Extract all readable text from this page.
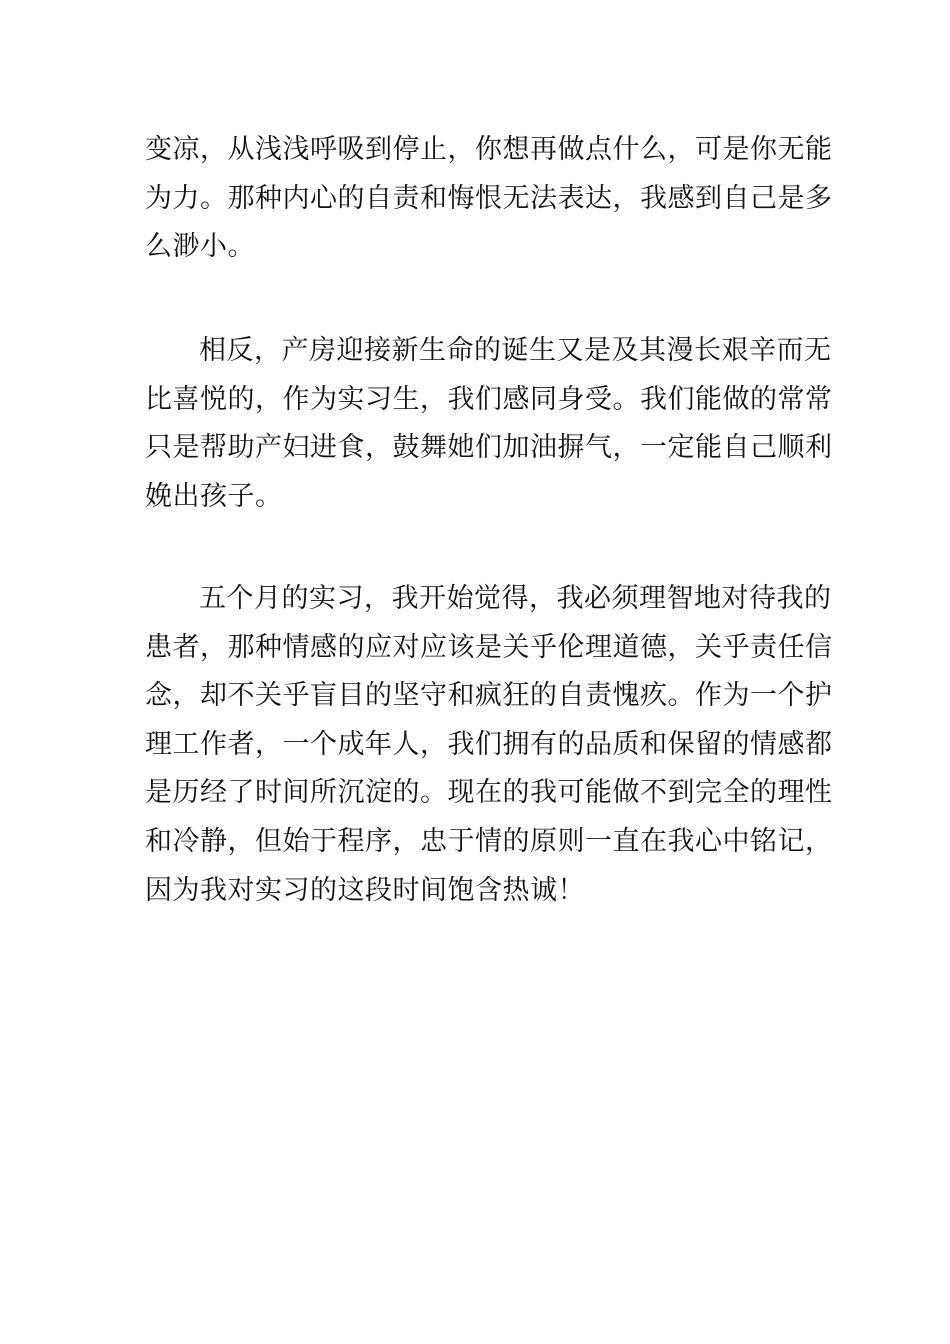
变凉，从浅浅呼吸到停止，你想再做点什么，可是你无能
为力。那种内心的自责和悔恨无法表达，我感到自己是多
么渺小。
相反，产房迎接新生命的诞生又是及其漫长艰辛而无
比喜悦的，作为实习生，我们感同身受。我们能做的常常
只是帮助产妇进食，鼓舞她们加油摒气，一定能自己顺利
娩出孩子。
五个月的实习，我开始觉得，我必须理智地对待我的
患者，那种情感的应对应该是关乎伦理道德，关乎责任信
念，却不关乎盲目的坚守和疯狂的自责愧疚。作为一个护
理工作者，一个成年人，我们拥有的品质和保留的情感都
是历经了时间所沉淀的。现在的我可能做不到完全的理性
和冷静，但始于程序，忠于情的原则一直在我心中铭记，
因为我对实习的这段时间饱含热诚！
